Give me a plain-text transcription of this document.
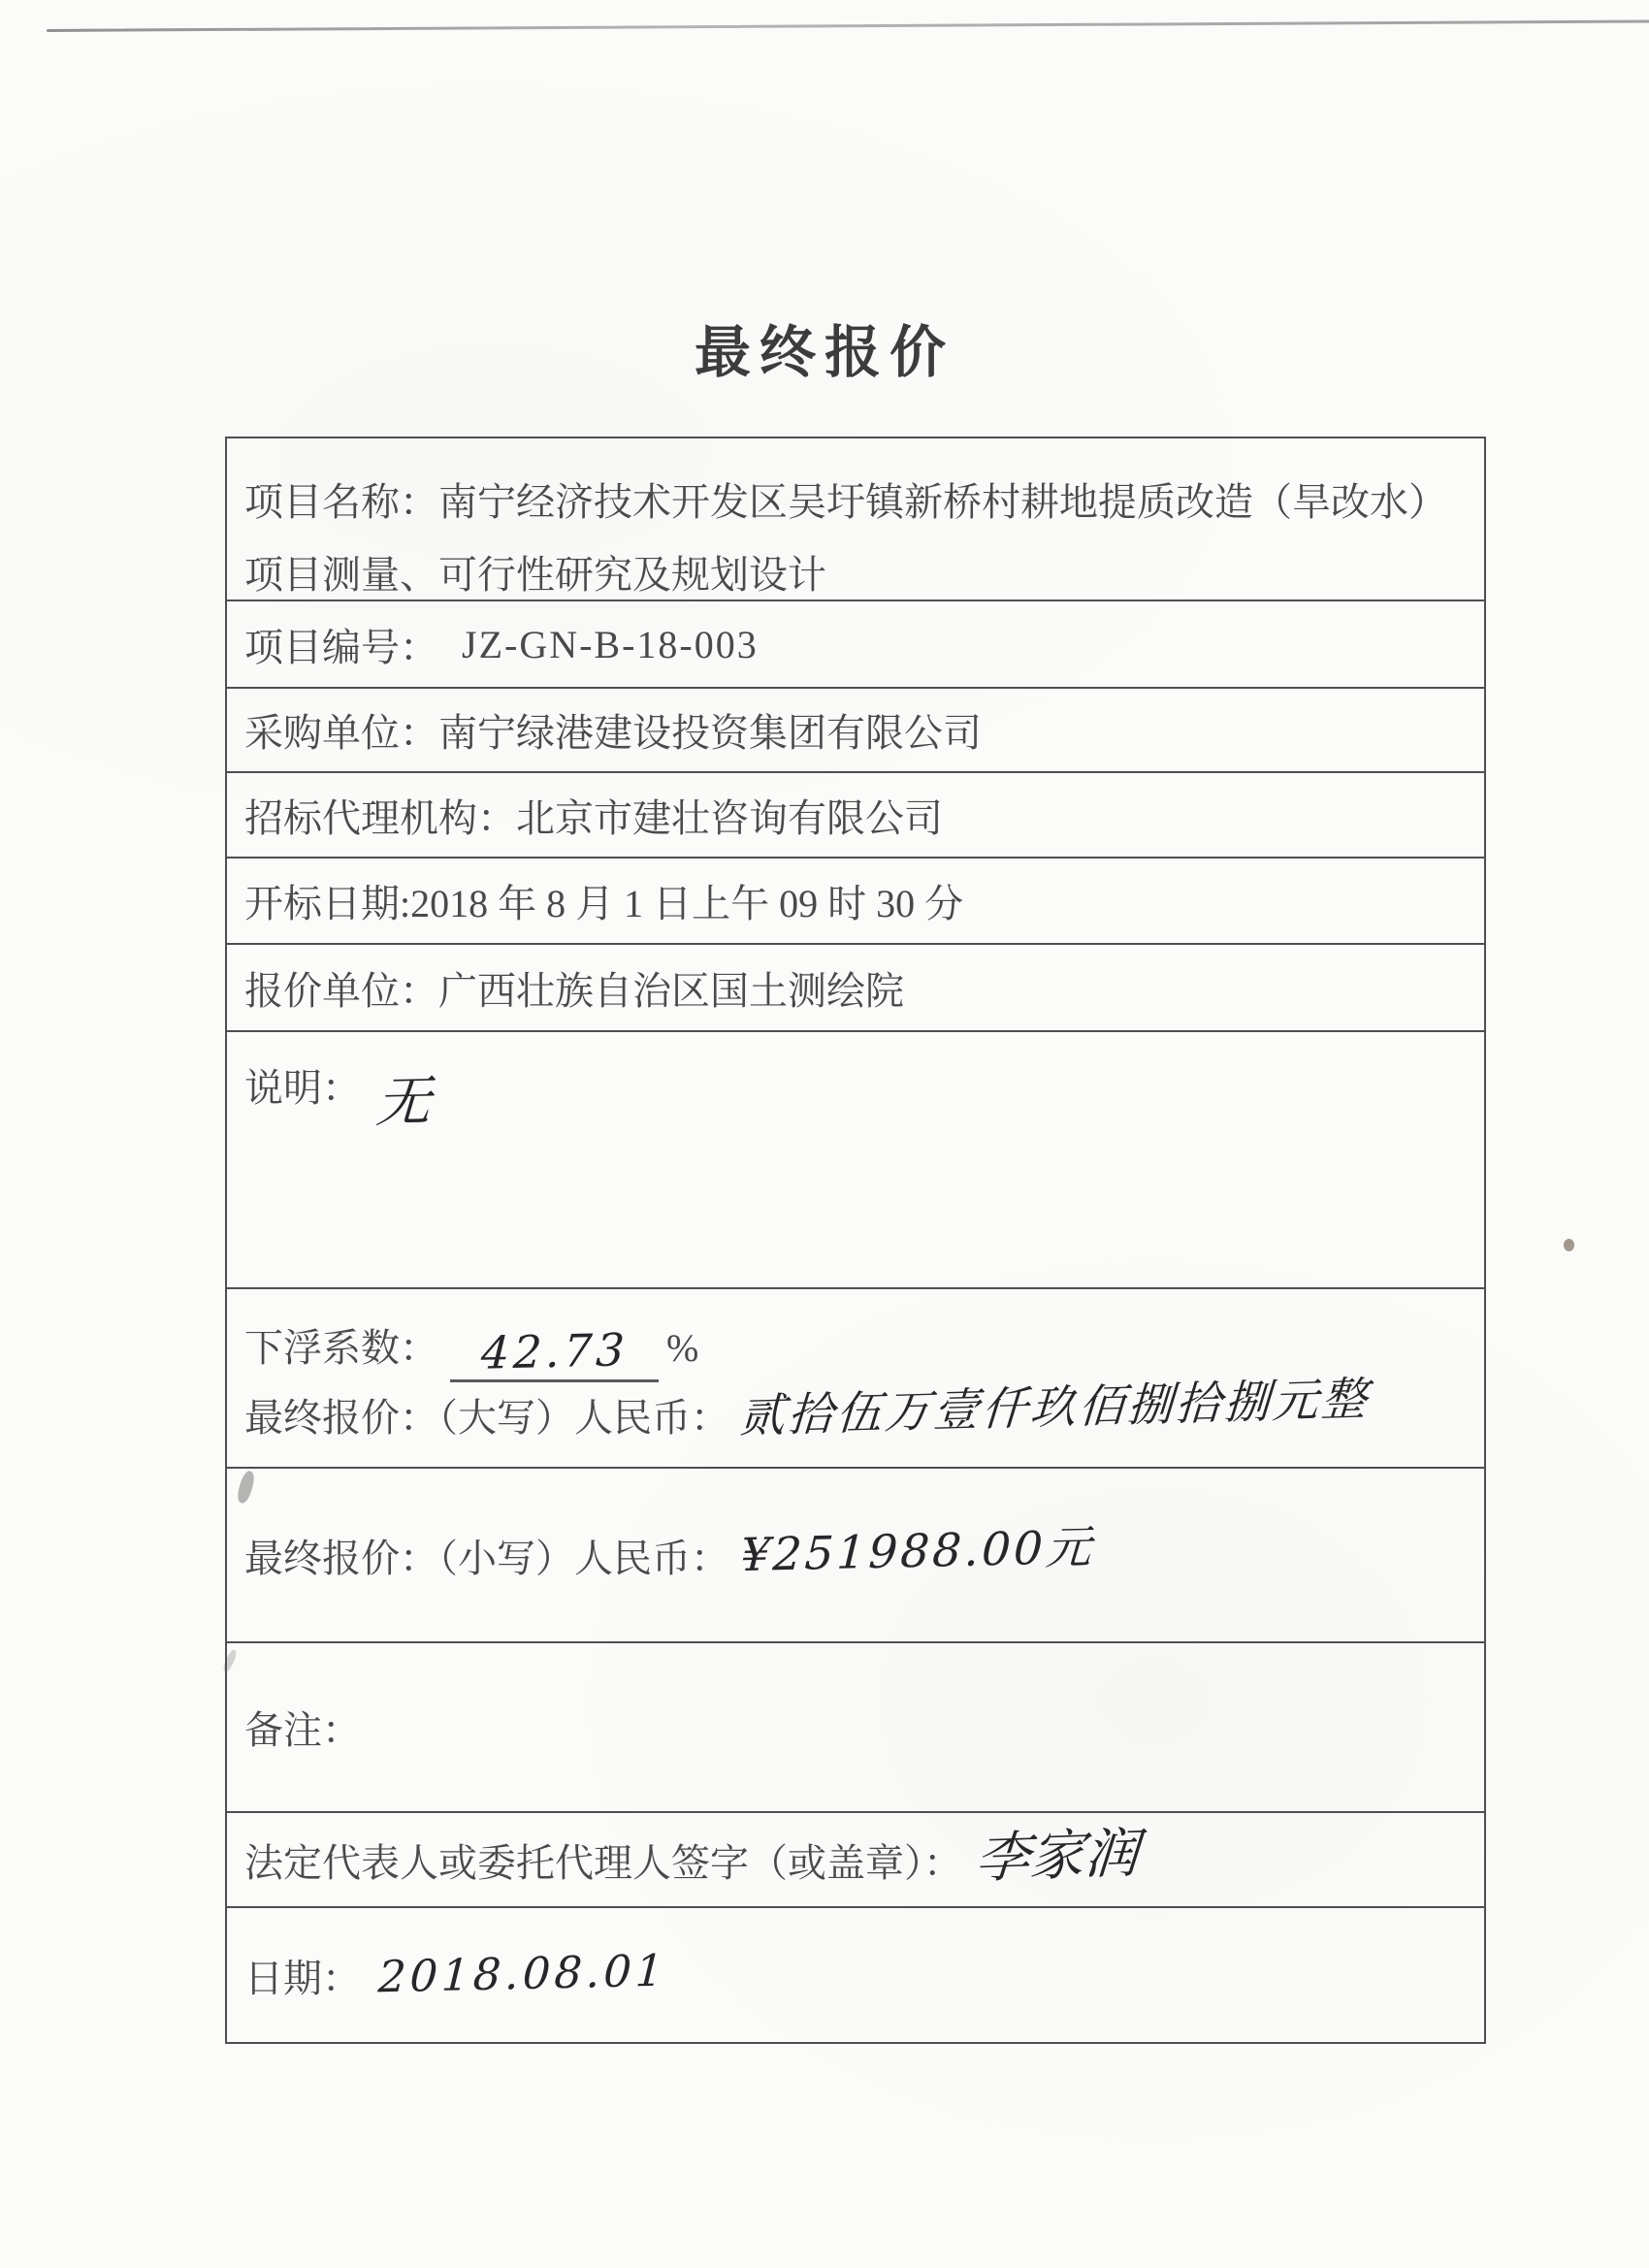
最终报价

项目名称：南宁经济技术开发区吴圩镇新桥村耕地提质改造（旱改水）

项目测量、可行性研究及规划设计

项目编号： JZ-GN-B-18-003
采购单位： 南宁绿港建设投资集团有限公司
招标代理机构： 北京市建壮咨询有限公司
开标日期: 2018 年 8 月 1 日上午 09 时 30 分
报价单位： 广西壮族自治区国土测绘院
说明： 无

下浮系数： 42.73 %

最终报价：（大写）人民币： 贰拾伍万壹仟玖佰捌拾捌元整

最终报价：（小写）人民币： ¥251988.00元
备注：
法定代表人或委托代理人签字（或盖章）： 李家润
日期： 2018.08.01
